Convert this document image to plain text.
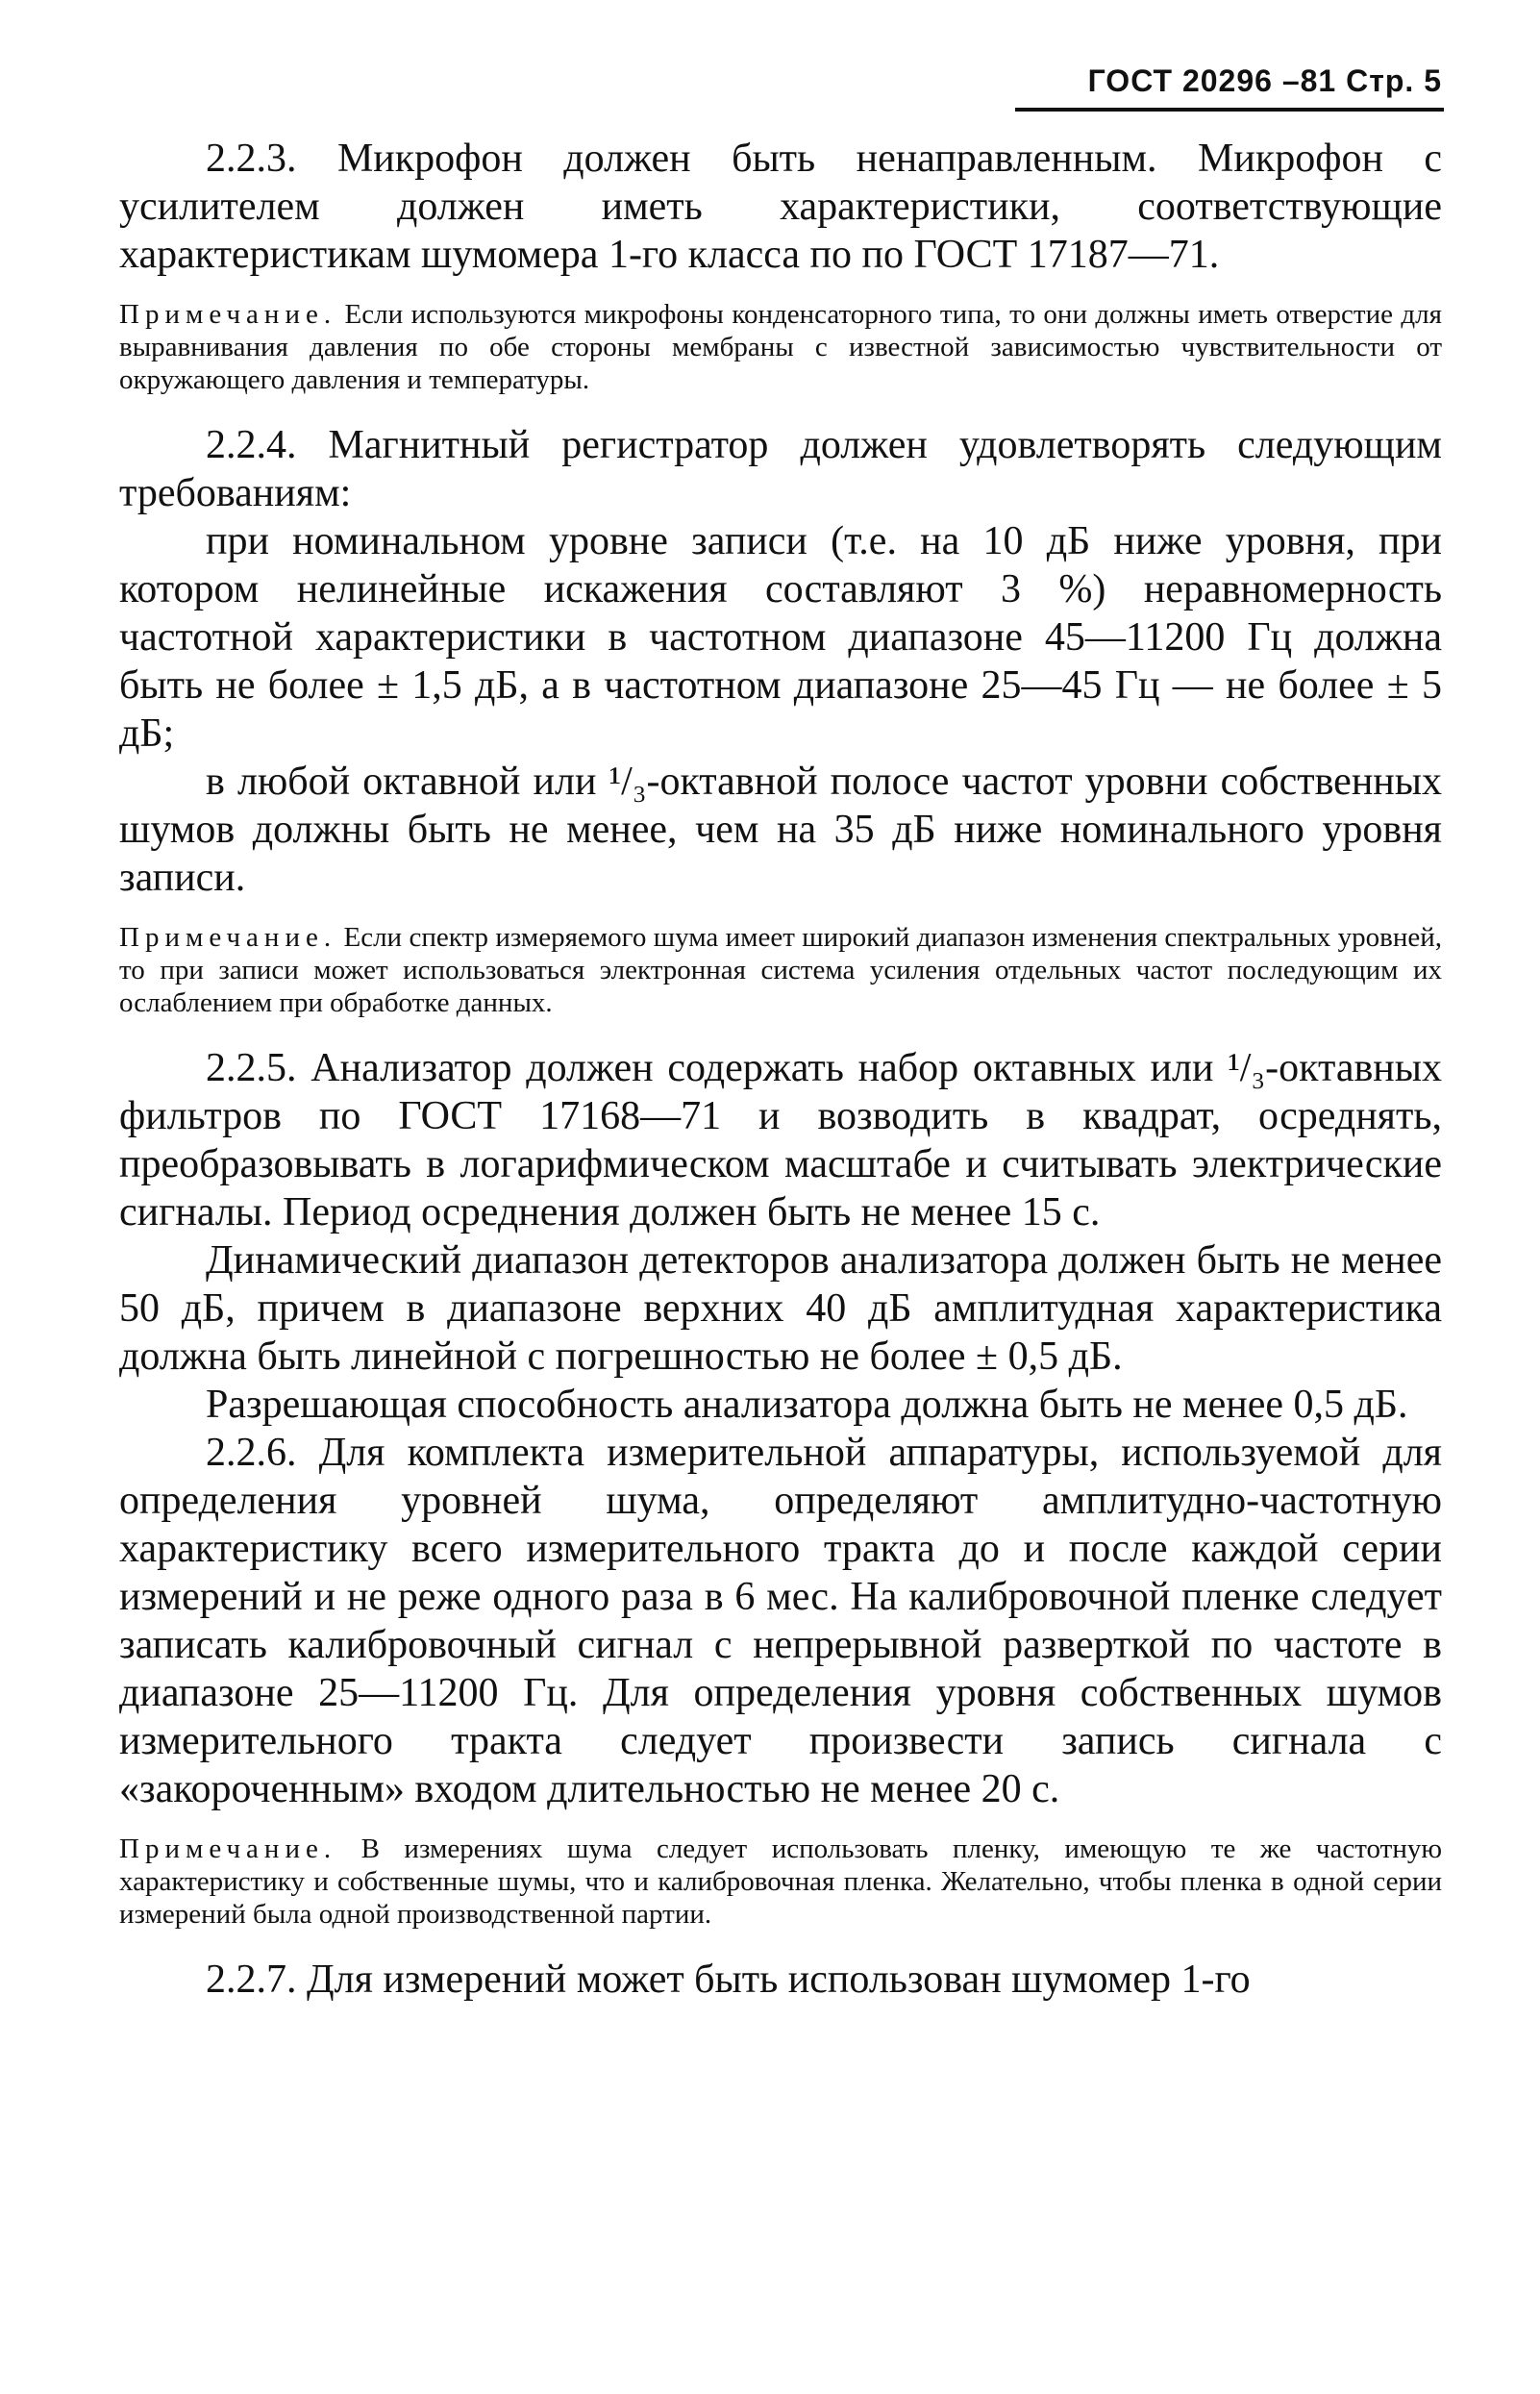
ГОСТ 20296 –81 Стр. 5

2.2.3. Микрофон должен быть ненаправленным. Микрофон с усилителем должен иметь характеристики, соответствующие характеристикам шумомера 1-го класса по по ГОСТ 17187—71.

Примечание. Если используются микрофоны конденсаторного типа, то они должны иметь отверстие для выравнивания давления по обе стороны мембраны с известной зависимостью чувствительности от окружающего давления и температуры.

2.2.4. Магнитный регистратор должен удовлетворять следующим требованиям:

при номинальном уровне записи (т.е. на 10 дБ ниже уровня, при котором нелинейные искажения составляют 3 %) неравномерность частотной характеристики в частотном диапазоне 45—11200 Гц должна быть не более ± 1,5 дБ, а в частотном диапазоне 25—45 Гц — не более ± 5 дБ;

в любой октавной или ¹/₃-октавной полосе частот уровни собственных шумов должны быть не менее, чем на 35 дБ ниже номинального уровня записи.

Примечание. Если спектр измеряемого шума имеет широкий диапазон изменения спектральных уровней, то при записи может использоваться электронная система усиления отдельных частот последующим их ослаблением при обработке данных.

2.2.5. Анализатор должен содержать набор октавных или ¹/₃-октавных фильтров по ГОСТ 17168—71 и возводить в квадрат, осреднять, преобразовывать в логарифмическом масштабе и считывать электрические сигналы. Период осреднения должен быть не менее 15 с.

Динамический диапазон детекторов анализатора должен быть не менее 50 дБ, причем в диапазоне верхних 40 дБ амплитудная характеристика должна быть линейной с погрешностью не более ± 0,5 дБ.

Разрешающая способность анализатора должна быть не менее 0,5 дБ.

2.2.6. Для комплекта измерительной аппаратуры, используемой для определения уровней шума, определяют амплитудно-частотную характеристику всего измерительного тракта до и после каждой серии измерений и не реже одного раза в 6 мес. На калибровочной пленке следует записать калибровочный сигнал с непрерывной разверткой по частоте в диапазоне 25—11200 Гц. Для определения уровня собственных шумов измерительного тракта следует произвести запись сигнала с «закороченным» входом длительностью не менее 20 с.

Примечание. В измерениях шума следует использовать пленку, имеющую те же частотную характеристику и собственные шумы, что и калибровочная пленка. Желательно, чтобы пленка в одной серии измерений была одной производственной партии.

2.2.7. Для измерений может быть использован шумомер 1-го
